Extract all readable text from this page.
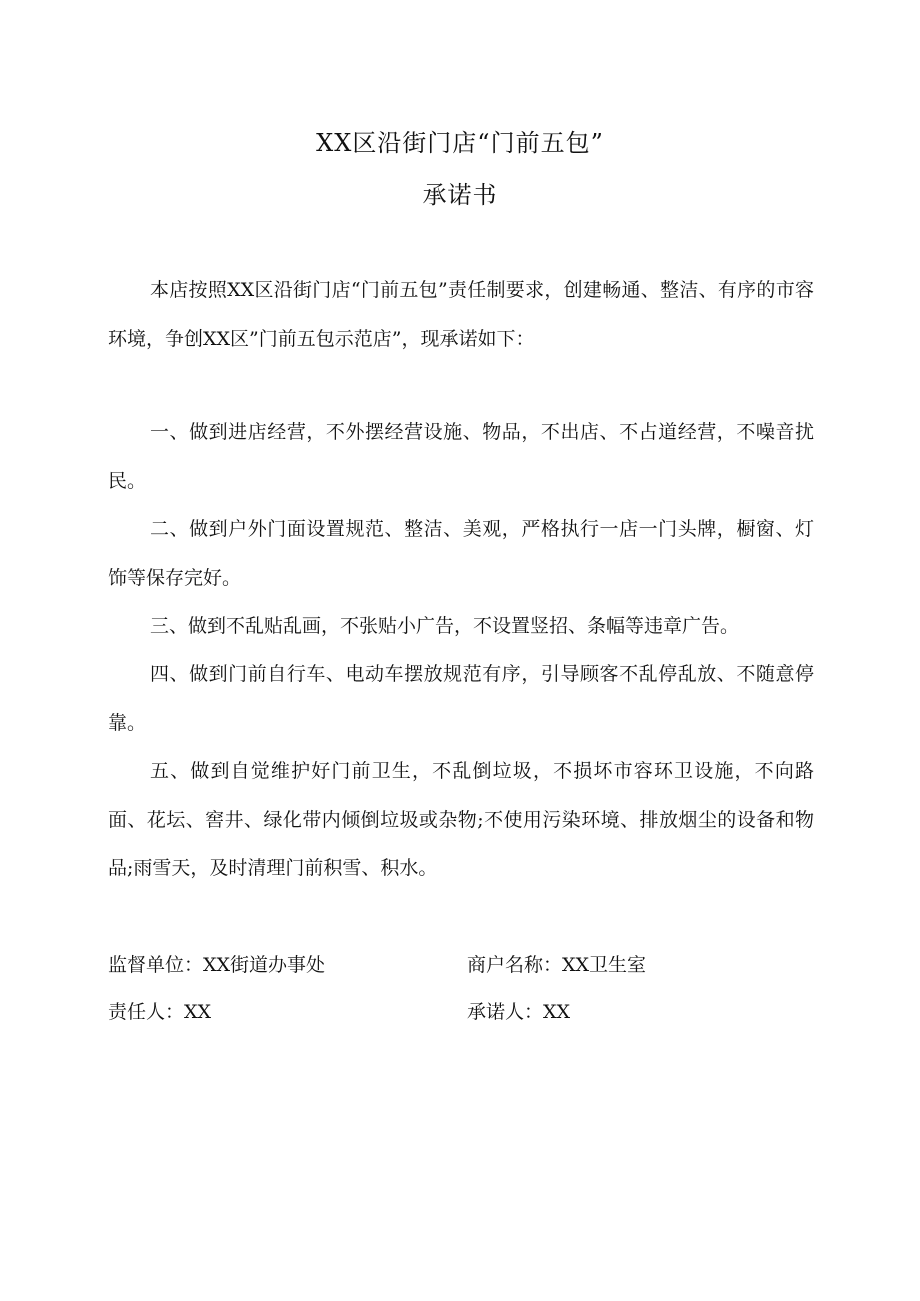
XX区沿街门店“门前五包”
承诺书

本店按照XX区沿街门店“门前五包”责任制要求，创建畅通、整洁、有序的市容环境，争创XX区”门前五包示范店”，现承诺如下：

一、做到进店经营，不外摆经营设施、物品，不出店、不占道经营，不噪音扰民。

二、做到户外门面设置规范、整洁、美观，严格执行一店一门头牌，橱窗、灯饰等保存完好。

三、做到不乱贴乱画，不张贴小广告，不设置竖招、条幅等违章广告。

四、做到门前自行车、电动车摆放规范有序，引导顾客不乱停乱放、不随意停靠。

五、做到自觉维护好门前卫生，不乱倒垃圾，不损坏市容环卫设施，不向路面、花坛、窖井、绿化带内倾倒垃圾或杂物;不使用污染环境、排放烟尘的设备和物品;雨雪天，及时清理门前积雪、积水。

监督单位：XX街道办事处	商户名称：XX卫生室
责任人：XX	承诺人：XX
